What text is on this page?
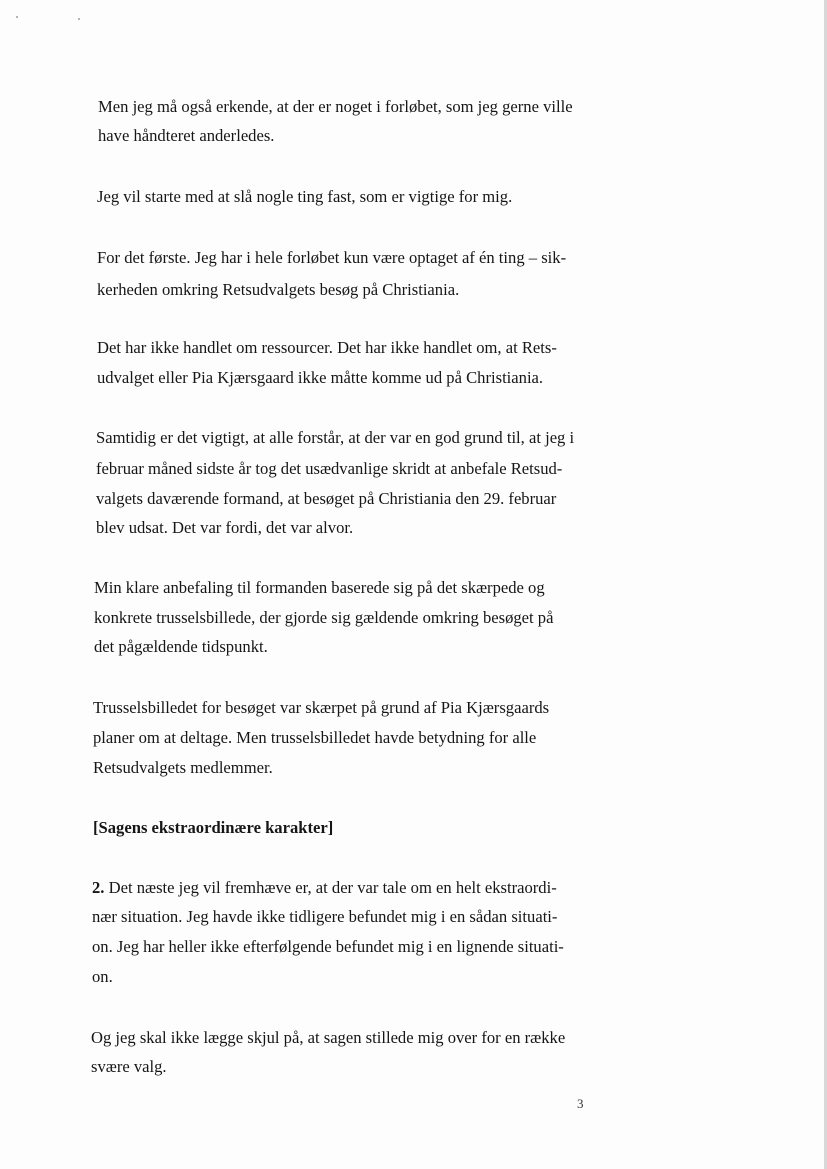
Men jeg må også erkende, at der er noget i forløbet, som jeg gerne ville
have håndteret anderledes.
Jeg vil starte med at slå nogle ting fast, som er vigtige for mig.
For det første. Jeg har i hele forløbet kun være optaget af én ting – sik-
kerheden omkring Retsudvalgets besøg på Christiania.
Det har ikke handlet om ressourcer. Det har ikke handlet om, at Rets-
udvalget eller Pia Kjærsgaard ikke måtte komme ud på Christiania.
Samtidig er det vigtigt, at alle forstår, at der var en god grund til, at jeg i
februar måned sidste år tog det usædvanlige skridt at anbefale Retsud-
valgets daværende formand, at besøget på Christiania den 29. februar
blev udsat. Det var fordi, det var alvor.
Min klare anbefaling til formanden baserede sig på det skærpede og
konkrete trusselsbillede, der gjorde sig gældende omkring besøget på
det pågældende tidspunkt.
Trusselsbilledet for besøget var skærpet på grund af Pia Kjærsgaards
planer om at deltage. Men trusselsbilledet havde betydning for alle
Retsudvalgets medlemmer.
[Sagens ekstraordinære karakter]
2. Det næste jeg vil fremhæve er, at der var tale om en helt ekstraordi-
nær situation. Jeg havde ikke tidligere befundet mig i en sådan situati-
on. Jeg har heller ikke efterfølgende befundet mig i en lignende situati-
on.
Og jeg skal ikke lægge skjul på, at sagen stillede mig over for en række
svære valg.
3
